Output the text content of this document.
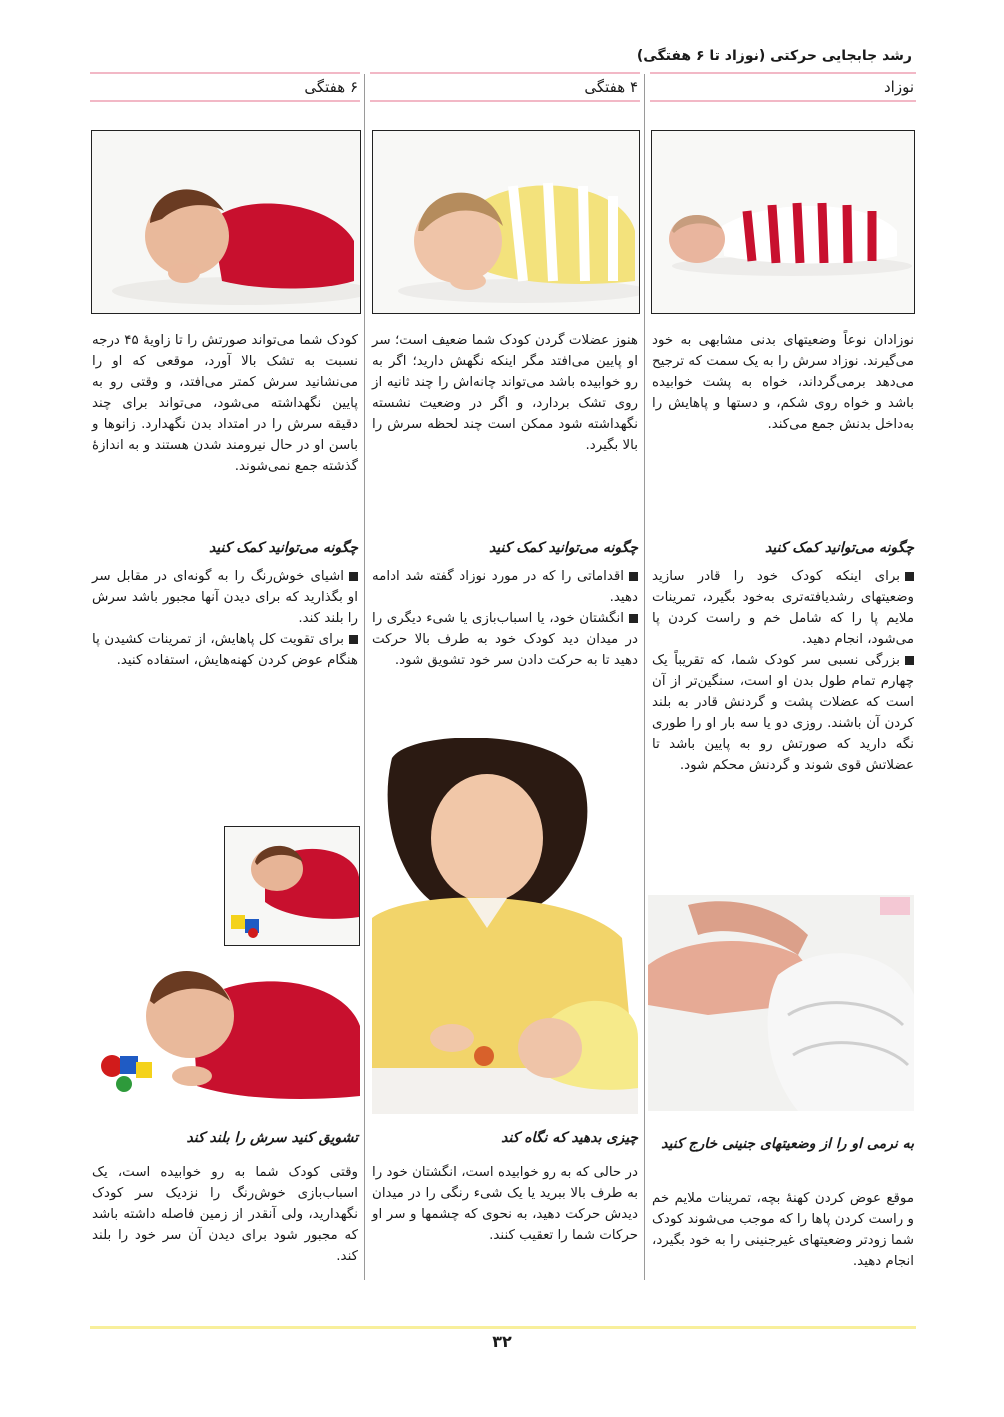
رشد جابجایی حرکتی (نوزاد تا ۶ هفتگی)
۶ هفتگی	۴ هفتگی	نوزاد
کودک شما می‌تواند صورتش را تا زاویهٔ ۴۵ درجه نسبت به تشک بالا آورد، موقعی که او را می‌نشانید سرش کمتر می‌افتد، و وقتی رو به پایین نگهداشته می‌شود، می‌تواند برای چند دقیقه سرش را در امتداد بدن نگهدارد. زانوها و باسن او در حال نیرومند شدن هستند و به اندازهٔ گذشته جمع نمی‌شوند.
هنوز عضلات گردن کودک شما ضعیف است؛ سر او پایین می‌افتد مگر اینکه نگهش دارید؛ اگر به رو خوابیده باشد می‌تواند چانه‌اش را چند ثانیه از روی تشک بردارد، و اگر در وضعیت نشسته نگهداشته شود ممکن است چند لحظه سرش را بالا بگیرد.
نوزادان نوعاً وضعیتهای بدنی مشابهی به خود می‌گیرند. نوزاد سرش را به یک سمت که ترجیح می‌دهد برمی‌گرداند، خواه به پشت خوابیده باشد و خواه روی شکم، و دستها و پاهایش را به‌داخل بدنش جمع می‌کند.
چگونه می‌توانید کمک کنید
اشیای خوش‌رنگ را به گونه‌ای در مقابل سر او بگذارید که برای دیدن آنها مجبور باشد سرش را بلند کند.
برای تقویت کل پاهایش، از تمرینات کشیدن پا هنگام عوض کردن کهنه‌هایش، استفاده کنید.
چگونه می‌توانید کمک کنید
اقداماتی را که در مورد نوزاد گفته شد ادامه دهید.
انگشتان خود، یا اسباب‌بازی یا شیء دیگری را در میدان دید کودک خود به طرف بالا حرکت دهید تا به حرکت دادن سر خود تشویق شود.
چگونه می‌توانید کمک کنید
برای اینکه کودک خود را قادر سازید وضعیتهای رشدیافته‌تری به‌خود بگیرد، تمرینات ملایم پا را که شامل خم و راست کردن پا می‌شود، انجام دهید.
بزرگی نسبی سر کودک شما، که تقریباً یک چهارم تمام طول بدن او است، سنگین‌تر از آن است که عضلات پشت و گردنش قادر به بلند کردن آن باشند. روزی دو یا سه بار او را طوری نگه دارید که صورتش رو به پایین باشد تا عضلاتش قوی شوند و گردنش محکم شود.
تشویق کنید سرش را بلند کند	چیزی بدهید که نگاه کند	به نرمی او را از وضعیتهای جنینی خارج کنید
وقتی کودک شما به رو خوابیده است، یک اسباب‌بازی خوش‌رنگ را نزدیک سر کودک نگهدارید، ولی آنقدر از زمین فاصله داشته باشد که مجبور شود برای دیدن آن سر خود را بلند کند.
در حالی که به رو خوابیده است، انگشتان خود را به طرف بالا ببرید یا یک شیء رنگی را در میدان دیدش حرکت دهید، به نحوی که چشمها و سر او حرکات شما را تعقیب کنند.
موقع عوض کردن کهنهٔ بچه، تمرینات ملایم خم و راست کردن پاها را که موجب می‌شوند کودک شما زودتر وضعیتهای غیرجنینی را به خود بگیرد، انجام دهید.
۳۲
